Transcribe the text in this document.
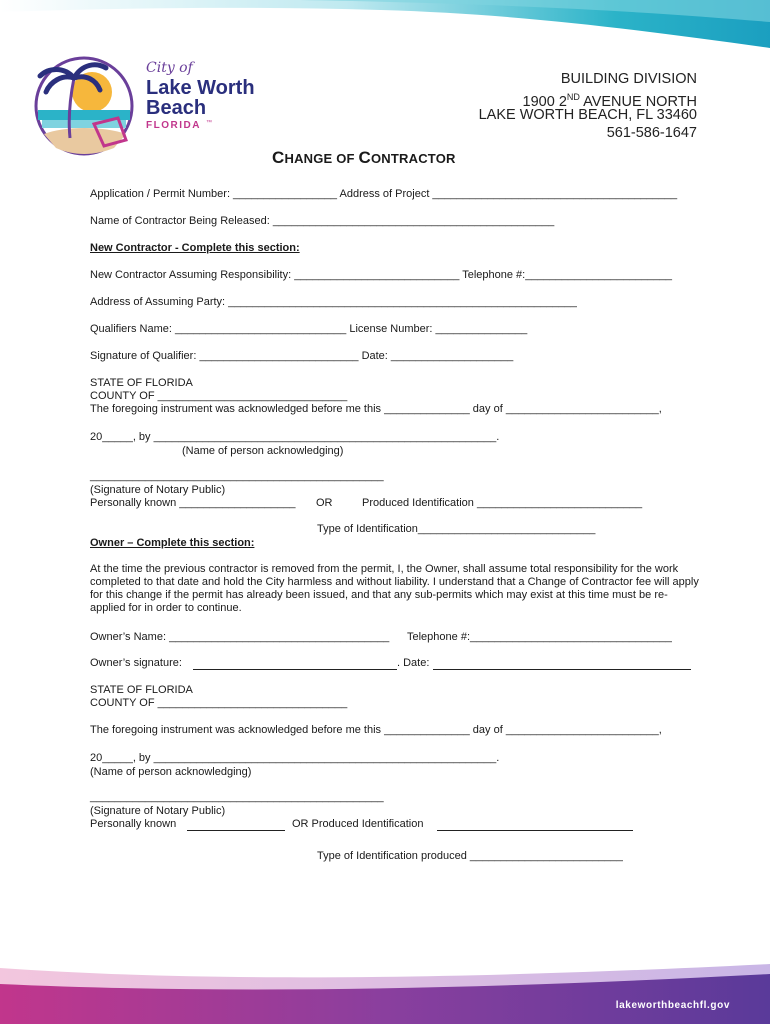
City of
Lake Worth
Beach
FLORIDA ™
BUILDING DIVISION
1900 2ND AVENUE NORTH
LAKE WORTH BEACH, FL 33460
561-586-1647
CHANGE OF CONTRACTOR
Application / Permit Number: _________________ Address of Project ________________________________________
Name of Contractor Being Released: ______________________________________________
New Contractor - Complete this section:
New Contractor Assuming Responsibility: ___________________________ Telephone #:________________________
Address of Assuming Party: _________________________________________________________
Qualifiers Name: ____________________________ License Number: _______________
Signature of Qualifier: __________________________ Date: ____________________
STATE OF FLORIDA
COUNTY OF _______________________________
The foregoing instrument was acknowledged before me this ______________ day of _________________________,
20_____, by ________________________________________________________.
(Name of person acknowledging)
________________________________________________
(Signature of Notary Public)
Personally known ___________________ OR	Produced Identification ___________________________
Type of Identification_____________________________
Owner – Complete this section:
At the time the previous contractor is removed from the permit, I, the Owner, shall assume total responsibility for the work completed to that date and hold the City harmless and without liability. I understand that a Change of Contractor fee will apply for this change if the permit has already been issued, and that any sub-permits which may exist at this time must be re-applied for in order to continue.
Owner’s Name: ____________________________________ Telephone #:_________________________________
Owner’s signature:	. Date:
STATE OF FLORIDA
COUNTY OF _______________________________
The foregoing instrument was acknowledged before me this ______________ day of _________________________,
20_____, by ________________________________________________________.
(Name of person acknowledging)
________________________________________________
(Signature of Notary Public)
Personally known	OR Produced Identification
Type of Identification produced _________________________
lakeworthbeachfl.gov
